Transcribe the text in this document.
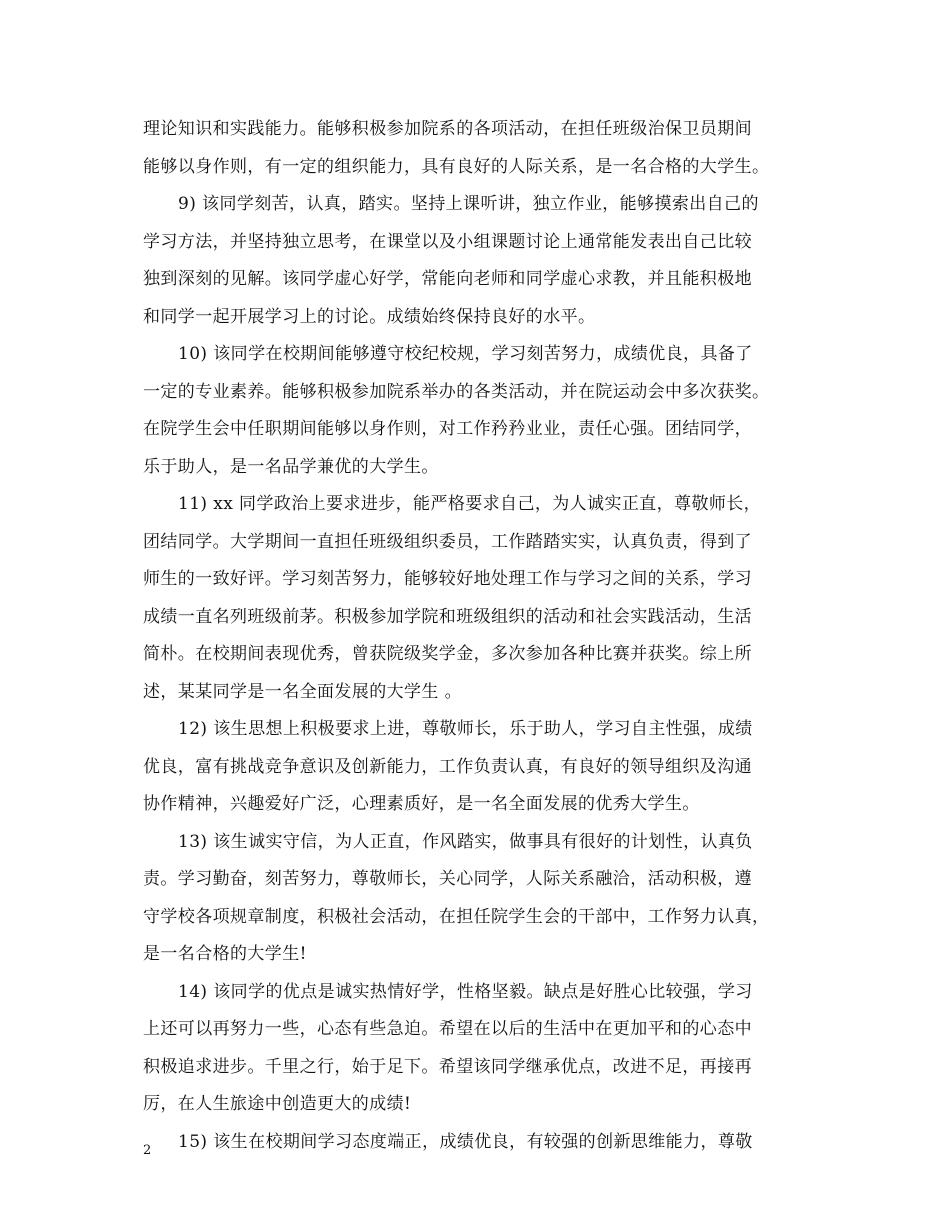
理论知识和实践能力。能够积极参加院系的各项活动，在担任班级治保卫员期间
能够以身作则，有一定的组织能力，具有良好的人际关系，是一名合格的大学生。
9) 该同学刻苦，认真，踏实。坚持上课听讲，独立作业，能够摸索出自己的
学习方法，并坚持独立思考，在课堂以及小组课题讨论上通常能发表出自己比较
独到深刻的见解。该同学虚心好学，常能向老师和同学虚心求教，并且能积极地
和同学一起开展学习上的讨论。成绩始终保持良好的水平。
10) 该同学在校期间能够遵守校纪校规，学习刻苦努力，成绩优良，具备了
一定的专业素养。能够积极参加院系举办的各类活动，并在院运动会中多次获奖。
在院学生会中任职期间能够以身作则，对工作矜矜业业，责任心强。团结同学，
乐于助人，是一名品学兼优的大学生。
11) xx 同学政治上要求进步，能严格要求自己，为人诚实正直，尊敬师长，
团结同学。大学期间一直担任班级组织委员，工作踏踏实实，认真负责，得到了
师生的一致好评。学习刻苦努力，能够较好地处理工作与学习之间的关系，学习
成绩一直名列班级前茅。积极参加学院和班级组织的活动和社会实践活动，生活
简朴。在校期间表现优秀，曾获院级奖学金，多次参加各种比赛并获奖。综上所
述，某某同学是一名全面发展的大学生 。
12) 该生思想上积极要求上进，尊敬师长，乐于助人，学习自主性强，成绩
优良，富有挑战竞争意识及创新能力，工作负责认真，有良好的领导组织及沟通
协作精神，兴趣爱好广泛，心理素质好，是一名全面发展的优秀大学生。
13) 该生诚实守信，为人正直，作风踏实，做事具有很好的计划性，认真负
责。学习勤奋，刻苦努力，尊敬师长，关心同学，人际关系融洽，活动积极，遵
守学校各项规章制度，积极社会活动，在担任院学生会的干部中，工作努力认真，
是一名合格的大学生!
14) 该同学的优点是诚实热情好学，性格坚毅。缺点是好胜心比较强，学习
上还可以再努力一些，心态有些急迫。希望在以后的生活中在更加平和的心态中
积极追求进步。千里之行，始于足下。希望该同学继承优点，改进不足，再接再
厉，在人生旅途中创造更大的成绩!
15) 该生在校期间学习态度端正，成绩优良，有较强的创新思维能力，尊敬
2
